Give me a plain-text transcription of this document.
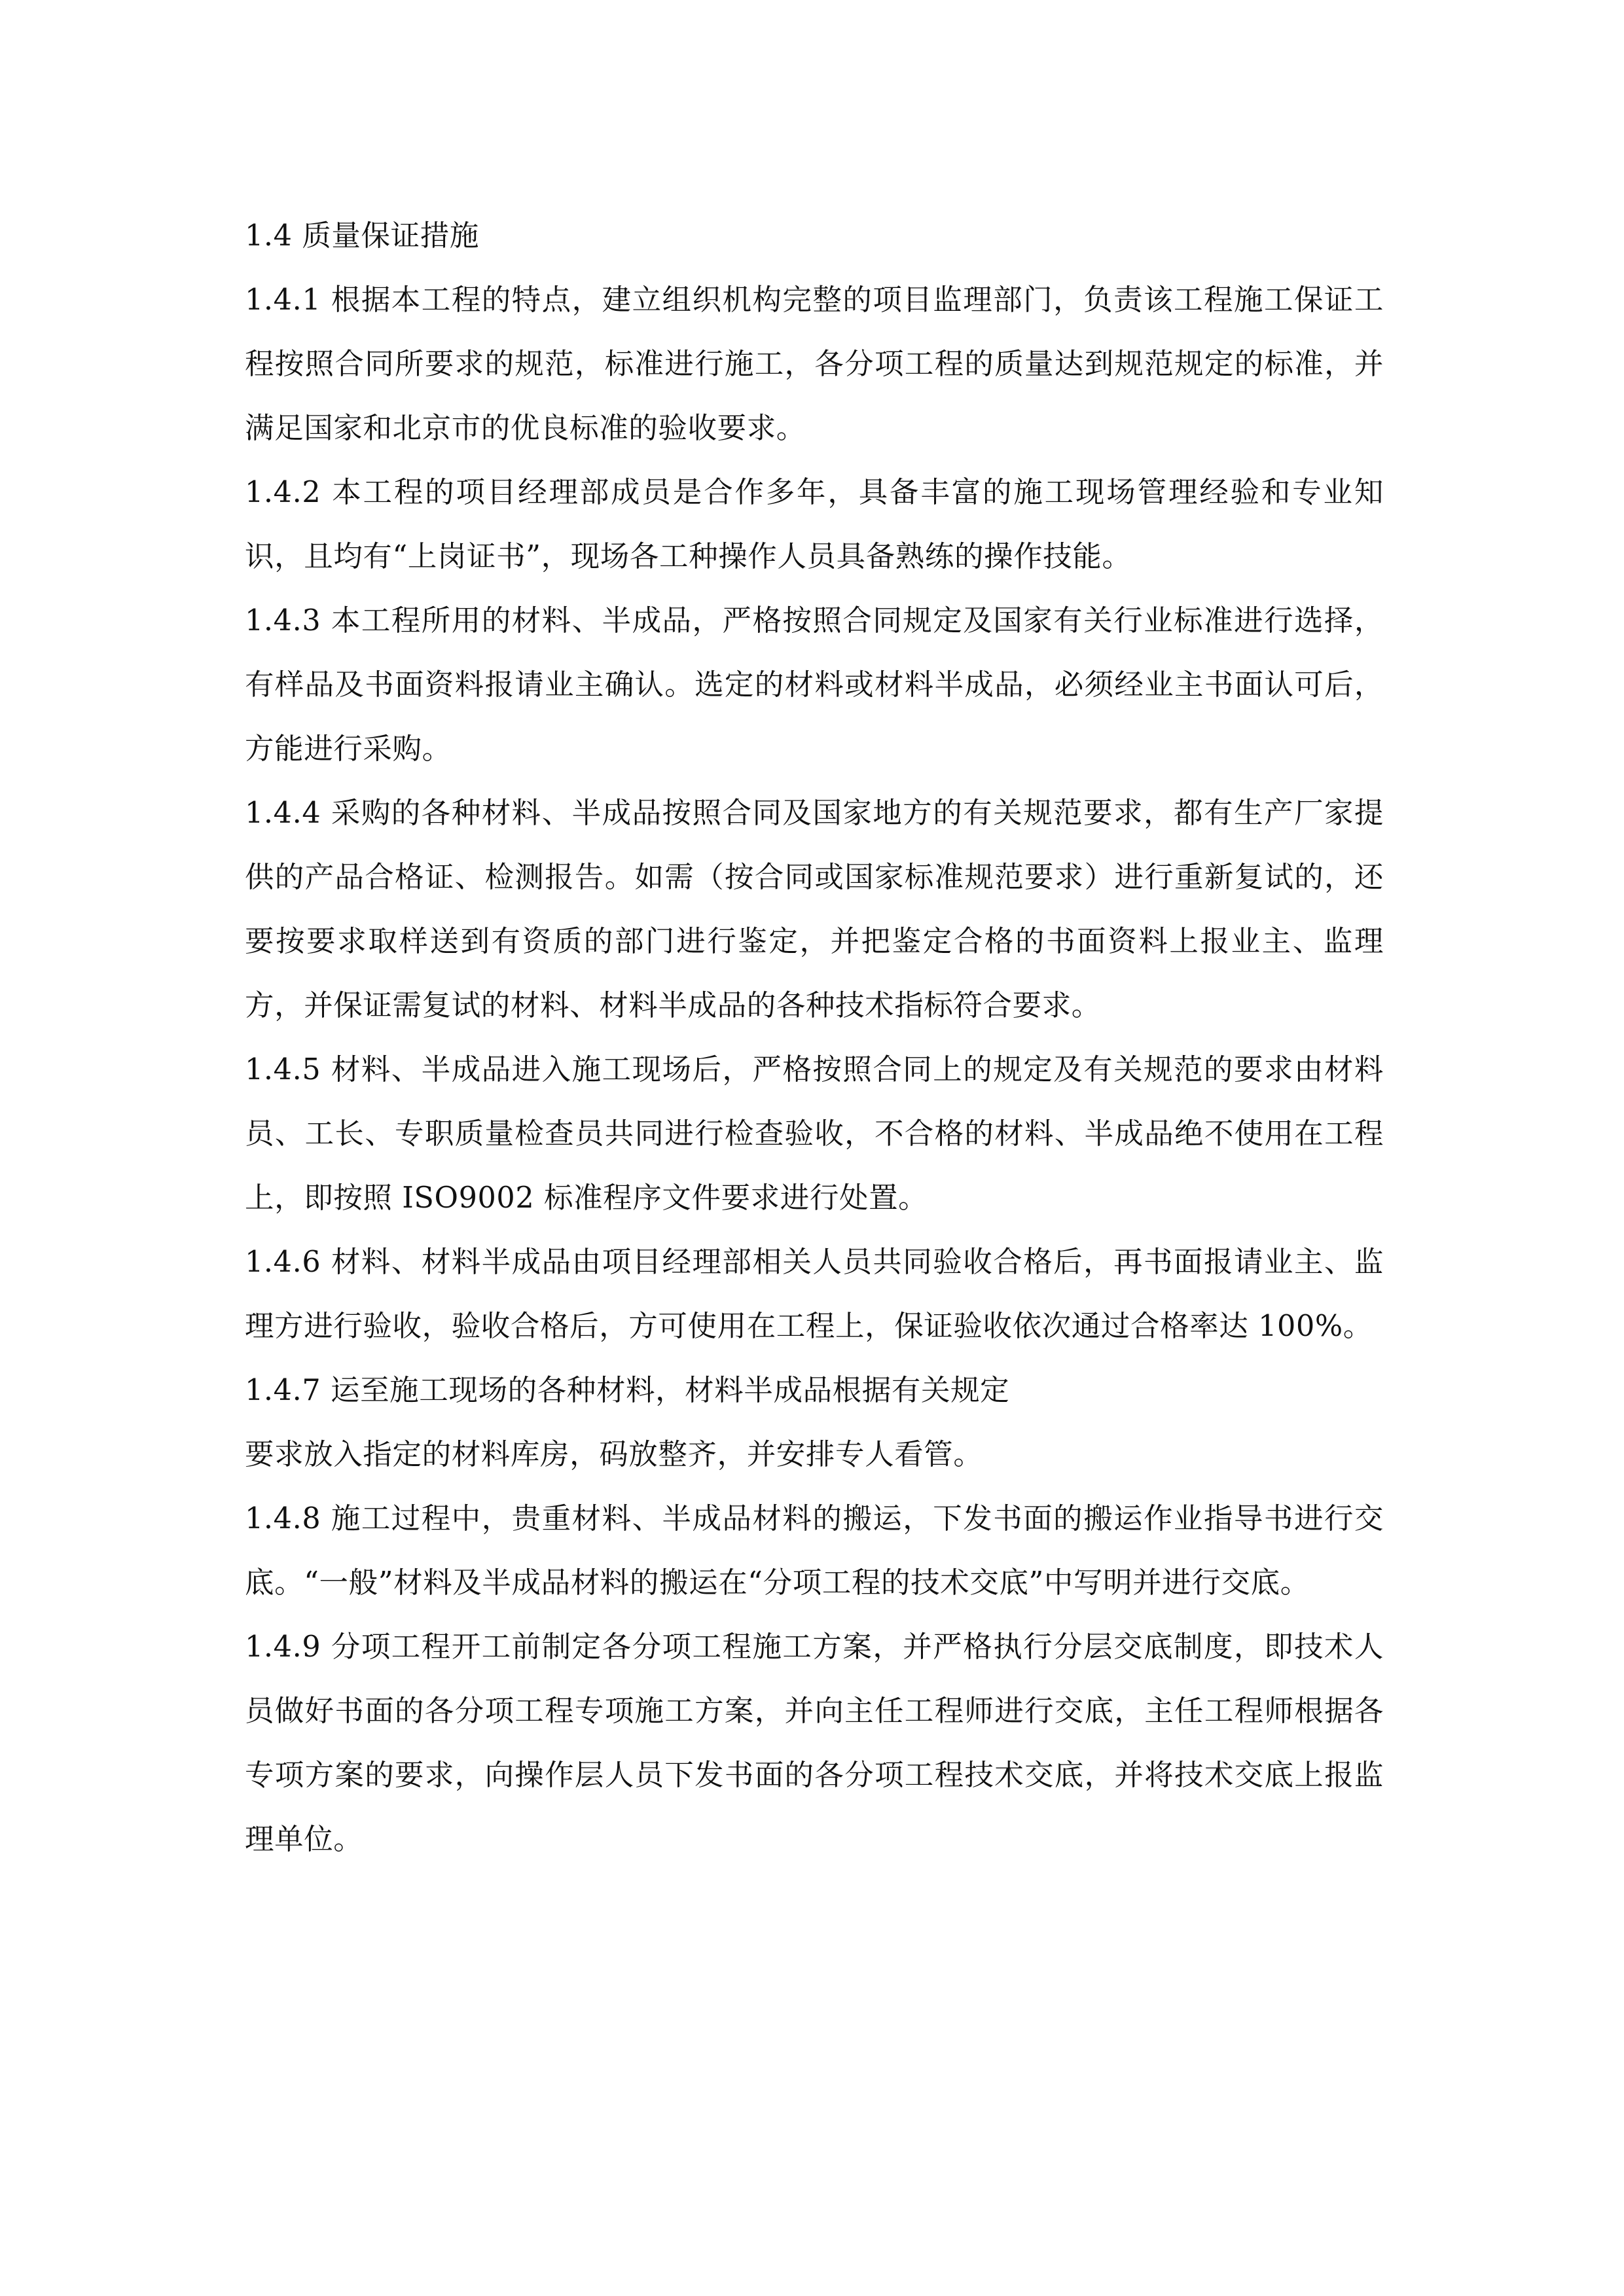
1.4 质量保证措施

1.4.1 根据本工程的特点，建立组织机构完整的项目监理部门，负责该工程施工保证工程按照合同所要求的规范，标准进行施工，各分项工程的质量达到规范规定的标准，并满足国家和北京市的优良标准的验收要求。

1.4.2 本工程的项目经理部成员是合作多年，具备丰富的施工现场管理经验和专业知识，且均有“上岗证书”，现场各工种操作人员具备熟练的操作技能。

1.4.3 本工程所用的材料、半成品，严格按照合同规定及国家有关行业标准进行选择，有样品及书面资料报请业主确认。选定的材料或材料半成品，必须经业主书面认可后，方能进行采购。

1.4.4 采购的各种材料、半成品按照合同及国家地方的有关规范要求，都有生产厂家提供的产品合格证、检测报告。如需（按合同或国家标准规范要求）进行重新复试的，还要按要求取样送到有资质的部门进行鉴定，并把鉴定合格的书面资料上报业主、监理方，并保证需复试的材料、材料半成品的各种技术指标符合要求。

1.4.5 材料、半成品进入施工现场后，严格按照合同上的规定及有关规范的要求由材料员、工长、专职质量检查员共同进行检查验收，不合格的材料、半成品绝不使用在工程上，即按照 ISO9002 标准程序文件要求进行处置。

1.4.6 材料、材料半成品由项目经理部相关人员共同验收合格后，再书面报请业主、监理方进行验收，验收合格后，方可使用在工程上，保证验收依次通过合格率达 100%。

1.4.7 运至施工现场的各种材料，材料半成品根据有关规定

要求放入指定的材料库房，码放整齐，并安排专人看管。

1.4.8 施工过程中，贵重材料、半成品材料的搬运，下发书面的搬运作业指导书进行交底。“一般”材料及半成品材料的搬运在“分项工程的技术交底”中写明并进行交底。

1.4.9 分项工程开工前制定各分项工程施工方案，并严格执行分层交底制度，即技术人员做好书面的各分项工程专项施工方案，并向主任工程师进行交底，主任工程师根据各专项方案的要求，向操作层人员下发书面的各分项工程技术交底，并将技术交底上报监理单位。
